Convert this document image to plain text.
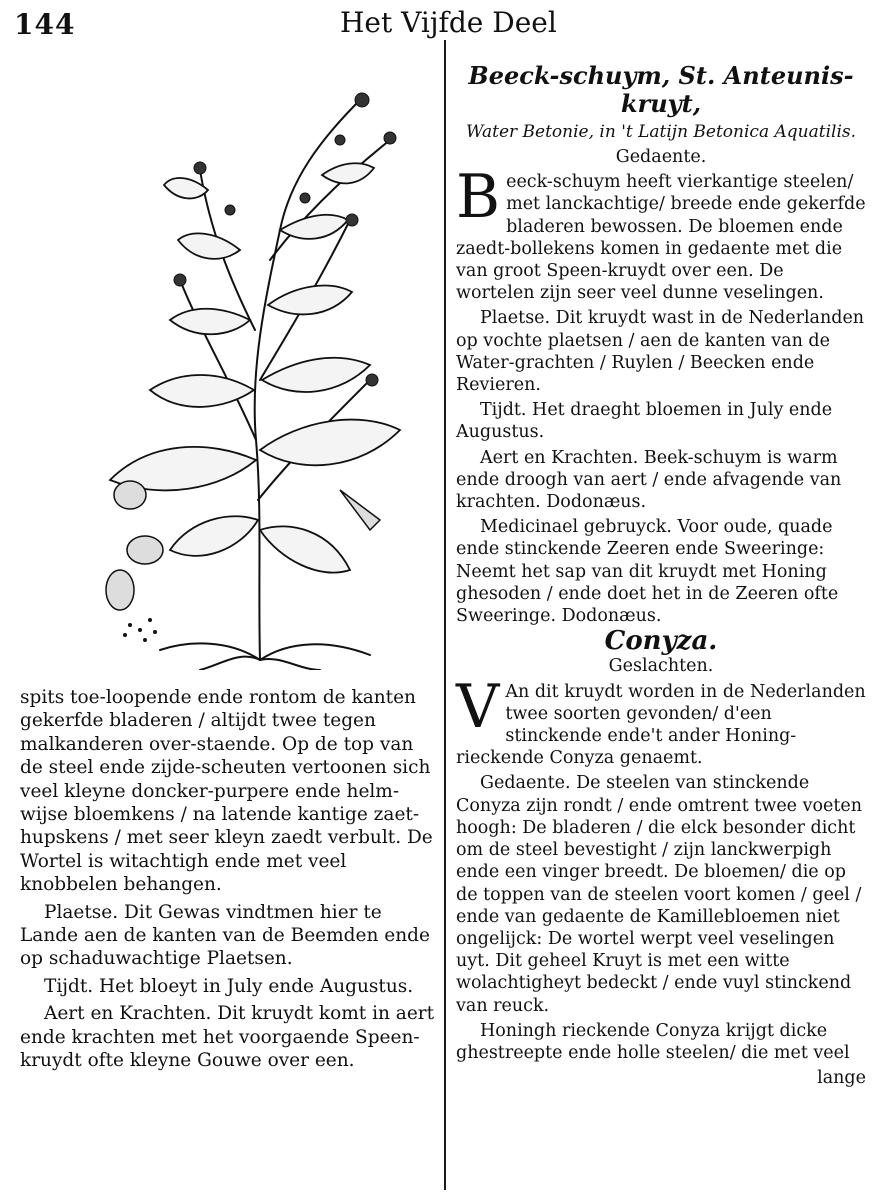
144	Het Vijfde Deel

spits toe-loopende ende rontom de kanten gekerfde bladeren / altijdt twee tegen malkanderen over-staende. Op de top van de steel ende zijde-scheuten vertoonen sich veel kleyne doncker-purpere ende helm-wijse bloemkens / na latende kantige zaet-hupskens / met seer kleyn zaedt verbult. De Wortel is witachtigh ende met veel knobbelen behangen.

Plaetse. Dit Gewas vindtmen hier te Lande aen de kanten van de Beemden ende op schaduwachtige Plaetsen.

Tijdt. Het bloeyt in July ende Augustus.

Aert en Krachten. Dit kruydt komt in aert ende krachten met het voorgaende Speen-kruydt ofte kleyne Gouwe over een.

Beeck-schuym, St. Anteunis-kruyt,

Water Betonie, in 't Latijn Betonica Aquatilis.

Gedaente.

Beeck-schuym heeft vierkantige steelen/ met lanckachtige/ breede ende gekerfde bladeren bewossen. De bloemen ende zaedt-bollekens komen in gedaente met die van groot Speen-kruydt over een. De wortelen zijn seer veel dunne veselingen.

Plaetse. Dit kruydt wast in de Nederlanden op vochte plaetsen / aen de kanten van de Water-grachten / Ruylen / Beecken ende Revieren.

Tijdt. Het draeght bloemen in July ende Augustus.

Aert en Krachten. Beek-schuym is warm ende droogh van aert / ende afvagende van krachten. Dodonæus.

Medicinael gebruyck. Voor oude, quade ende stinckende Zeeren ende Sweeringe: Neemt het sap van dit kruydt met Honing ghesoden / ende doet het in de Zeeren ofte Sweeringe. Dodonæus.

Conyza.

Geslachten.

V An dit kruydt worden in de Nederlanden twee soorten gevonden/ d'een stinckende ende't ander Honing-rieckende Conyza genaemt.

Gedaente. De steelen van stinckende Conyza zijn rondt / ende omtrent twee voeten hoogh: De bladeren / die elck besonder dicht om de steel bevestight / zijn lanckwerpigh ende een vinger breedt. De bloemen/ die op de toppen van de steelen voort komen / geel / ende van gedaente de Kamillebloemen niet ongelijck: De wortel werpt veel veselingen uyt. Dit geheel Kruyt is met een witte wolachtigheyt bedeckt / ende vuyl stinckend van reuck.

Honingh rieckende Conyza krijgt dicke ghestreepte ende holle steelen/ die met veel

lange
